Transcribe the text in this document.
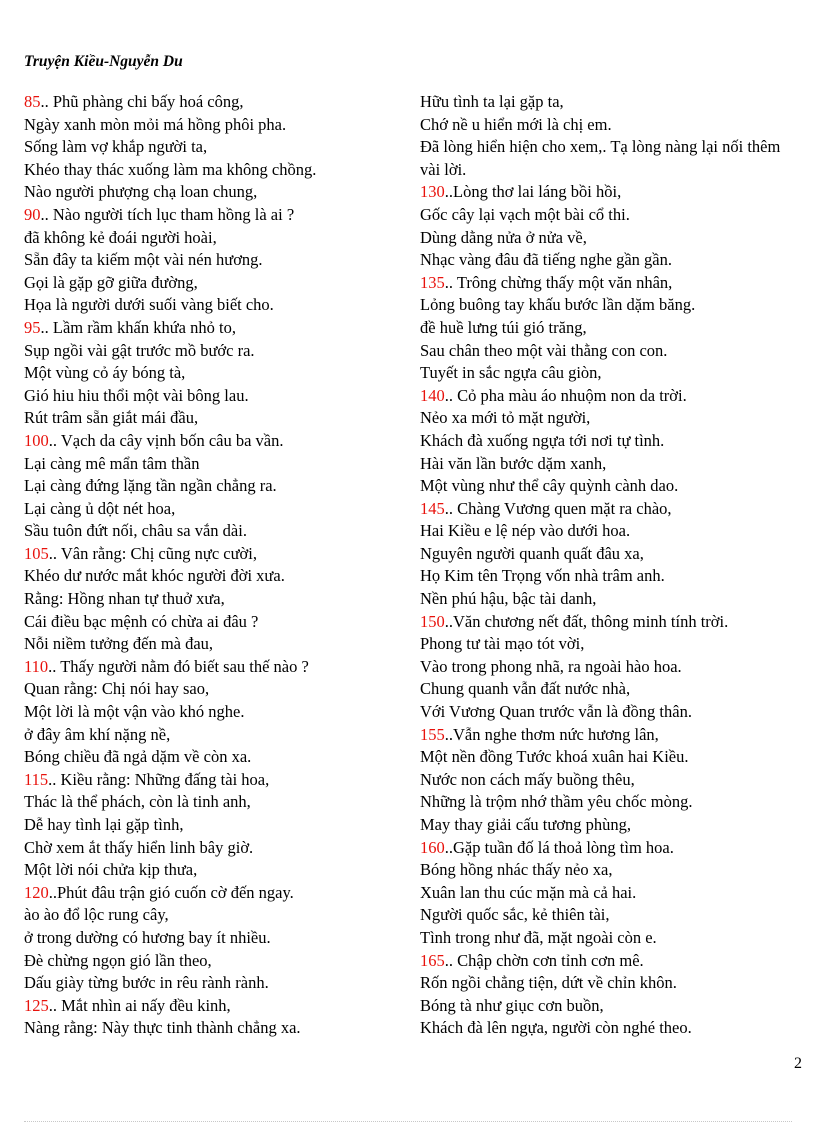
Truyện Kiều-Nguyễn Du
85.. Phũ phàng chi bấy hoá công,
Ngày xanh mòn mỏi má hồng phôi pha.
Sống làm vợ khắp người ta,
Khéo thay thác xuống làm ma không chồng.
Nào người phượng chạ loan chung,
90.. Nào người tích lục tham hồng là ai ?
đã không kẻ đoái người hoài,
Sẵn đây ta kiếm một vài nén hương.
Gọi là gặp gỡ giữa đường,
Họa là người dưới suối vàng biết cho.
95.. Lầm rầm khấn khứa nhỏ to,
Sụp ngồi vài gật trước mồ bước ra.
Một vùng cỏ áy bóng tà,
Gió hiu hiu thổi một vài bông lau.
Rút trâm sẵn giắt mái đầu,
100.. Vạch da cây vịnh bốn câu ba vần.
Lại càng mê mẩn tâm thần
Lại càng đứng lặng tần ngần chẳng ra.
Lại càng ủ dột nét hoa,
Sầu tuôn đứt nối, châu sa vắn dài.
105.. Vân rằng: Chị cũng nực cười,
Khéo dư nước mắt khóc người đời xưa.
Rằng: Hồng nhan tự thuở xưa,
Cái điều bạc mệnh có chừa ai đâu ?
Nỗi niềm tưởng đến mà đau,
110.. Thấy người nằm đó biết sau thế nào ?
Quan rằng: Chị nói hay sao,
Một lời là một vận vào khó nghe.
ở đây âm khí nặng nề,
Bóng chiều đã ngả dặm về còn xa.
115.. Kiều rằng: Những đấng tài hoa,
Thác là thể phách, còn là tinh anh,
Dễ hay tình lại gặp tình,
Chờ xem ắt thấy hiển linh bây giờ.
Một lời nói chửa kịp thưa,
120..Phút đâu trận gió cuốn cờ đến ngay.
ào ào đổ lộc rung cây,
ở trong dường có hương bay ít nhiều.
Đè chừng ngọn gió lần theo,
Dấu giày từng bước in rêu rành rành.
125.. Mắt nhìn ai nấy đều kinh,
Nàng rằng: Này thực tinh thành chẳng xa.
Hữu tình ta lại gặp ta,
Chớ nề u hiển mới là chị em.
Đã lòng hiển hiện cho xem,. Tạ lòng nàng lại nối thêm vài lời.
130..Lòng thơ lai láng bồi hồi,
Gốc cây lại vạch một bài cổ thi.
Dùng dằng nửa ở nửa về,
Nhạc vàng đâu đã tiếng nghe gần gần.
135.. Trông chừng thấy một văn nhân,
Lỏng buông tay khấu bước lần dặm băng.
đề huề lưng túi gió trăng,
Sau chân theo một vài thằng con con.
Tuyết in sắc ngựa câu giòn,
140.. Cỏ pha màu áo nhuộm non da trời.
Nẻo xa mới tỏ mặt người,
Khách đà xuống ngựa tới nơi tự tình.
Hài văn lần bước dặm xanh,
Một vùng như thể cây quỳnh cành dao.
145.. Chàng Vương quen mặt ra chào,
Hai Kiều e lệ nép vào dưới hoa.
Nguyên người quanh quất đâu xa,
Họ Kim tên Trọng vốn nhà trâm anh.
Nền phú hậu, bậc tài danh,
150..Văn chương nết đất, thông minh tính trời.
Phong tư tài mạo tót vời,
Vào trong phong nhã, ra ngoài hào hoa.
Chung quanh vẫn đất nước nhà,
Với Vương Quan trước vẫn là đồng thân.
155..Vẫn nghe thơm nức hương lân,
Một nền đồng Tước khoá xuân hai Kiều.
Nước non cách mấy buồng thêu,
Những là trộm nhớ thầm yêu chốc mòng.
May thay giải cấu tương phùng,
160..Gặp tuần đố lá thoả lòng tìm hoa.
Bóng hồng nhác thấy nẻo xa,
Xuân lan thu cúc mặn mà cả hai.
Người quốc sắc, kẻ thiên tài,
Tình trong như đã, mặt ngoài còn e.
165.. Chập chờn cơn tỉnh cơn mê.
Rốn ngồi chẳng tiện, dứt về chỉn khôn.
Bóng tà như giục cơn buồn,
Khách đà lên ngựa, người còn nghé theo.
2
